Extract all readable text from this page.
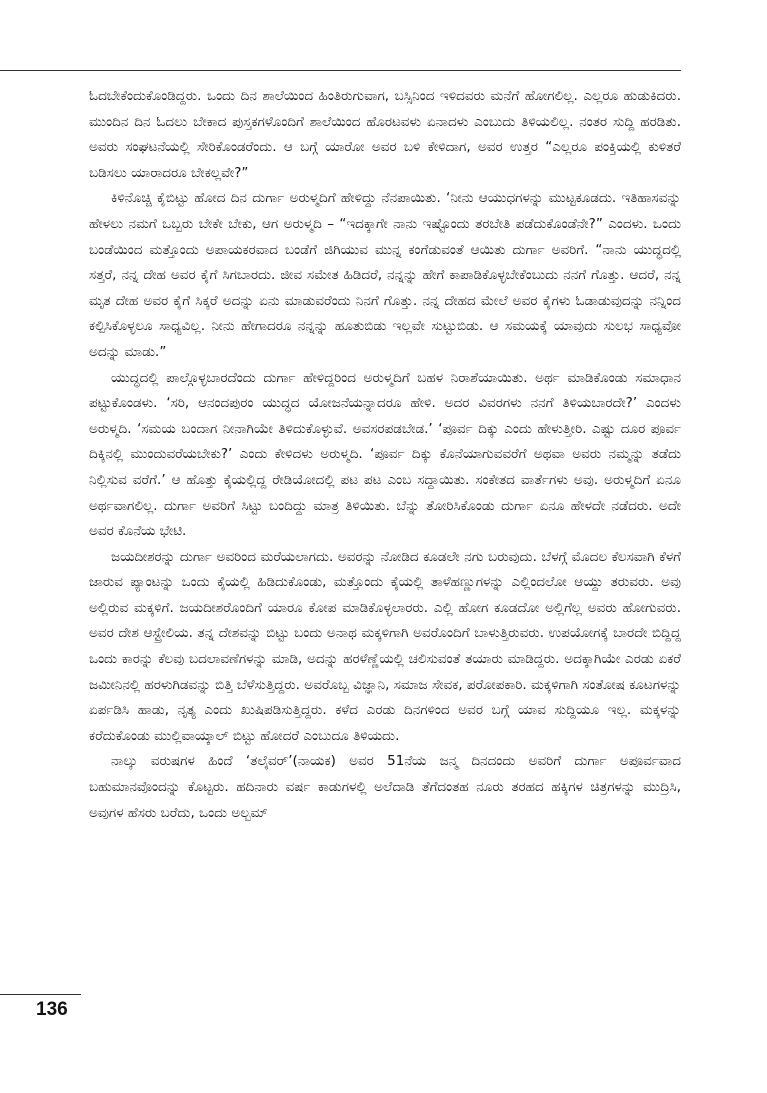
ಓದಬೇಕೆಂದುಕೊಂಡಿದ್ದರು. ಒಂದು ದಿನ ಶಾಲೆಯಿಂದ ಹಿಂತಿರುಗುವಾಗ, ಬಸ್ಸಿನಿಂದ ಇಳಿದವರು ಮನೆಗೆ ಹೋಗಲಿಲ್ಲ. ಎಲ್ಲರೂ ಹುಡುಕಿದರು. ಮುಂದಿನ ದಿನ ಓದಲು ಬೇಕಾದ ಪುಸ್ತಕಗಳೊಂದಿಗೆ ಶಾಲೆಯಿಂದ ಹೊರಟವಳು ಏನಾದಳು ಎಂಬುದು ತಿಳಿಯಲಿಲ್ಲ. ನಂತರ ಸುದ್ದಿ ಹರಡಿತು. ಅವರು ಸಂಘಟನೆಯಲ್ಲಿ ಸೇರಿಕೊಂಡರೆಂದು. ಆ ಬಗ್ಗೆ ಯಾರೋ ಅವರ ಬಳಿ ಕೇಳಿದಾಗ, ಅವರ ಉತ್ತರ “ಎಲ್ಲರೂ ಪಂಕ್ತಿಯಲ್ಲಿ ಕುಳಿತರೆ ಬಡಿಸಲು ಯಾರಾದರೂ ಬೇಕಲ್ಲವೇ?”

ಕಿಳಿನೊಚ್ಚಿ ಕೈಬಿಟ್ಟು ಹೋದ ದಿನ ದುರ್ಗಾ ಅರುಳ್ಮದಿಗೆ ಹೇಳಿದ್ದು ನೆನಪಾಯಿತು. ‘ನೀನು ಆಯುಧಗಳನ್ನು ಮುಟ್ಟಕೂಡದು. ಇತಿಹಾಸವನ್ನು ಹೇಳಲು ನಮಗೆ ಒಬ್ಬರು ಬೇಕೇ ಬೇಕು, ಆಗ ಅರುಳ್ಮದಿ – “ಇದಕ್ಕಾಗೇ ನಾನು ಇಷ್ಟೊಂದು ತರಬೇತಿ ಪಡೆದುಕೊಂಡೆನೇ?” ಎಂದಳು. ಒಂದು ಬಂಡೆಯಿಂದ ಮತ್ತೊಂದು ಅಪಾಯಕರವಾದ ಬಂಡೆಗೆ ಜಿಗಿಯುವ ಮುನ್ನ ಕಂಗೆಡುವಂತೆ ಆಯಿತು ದುರ್ಗಾ ಅವರಿಗೆ. “ನಾನು ಯುದ್ಧದಲ್ಲಿ ಸತ್ತರೆ, ನನ್ನ ದೇಹ ಅವರ ಕೈಗೆ ಸಿಗಬಾರದು. ಜೀವ ಸಮೇತ ಹಿಡಿದರೆ, ನನ್ನನ್ನು ಹೇಗೆ ಕಾಪಾಡಿಕೊಳ್ಳಬೇಕೆಂಬುದು ನನಗೆ ಗೊತ್ತು. ಆದರೆ, ನನ್ನ ಮೃತ ದೇಹ ಅವರ ಕೈಗೆ ಸಿಕ್ಕರೆ ಅದನ್ನು ಏನು ಮಾಡುವರೆಂದು ನಿನಗೆ ಗೊತ್ತು. ನನ್ನ ದೇಹದ ಮೇಲೆ ಅವರ ಕೈಗಳು ಓಡಾಡುವುದನ್ನು ನನ್ನಿಂದ ಕಲ್ಪಿಸಿಕೊಳ್ಳಲೂ ಸಾಧ್ಯವಿಲ್ಲ. ನೀನು ಹೇಗಾದರೂ ನನ್ನನ್ನು ಹೂತುಬಿಡು ಇಲ್ಲವೇ ಸುಟ್ಟುಬಿಡು. ಆ ಸಮಯಕ್ಕೆ ಯಾವುದು ಸುಲಭ ಸಾಧ್ಯವೋ ಅದನ್ನು ಮಾಡು.”

ಯುದ್ಧದಲ್ಲಿ ಪಾಲ್ಗೊಳ್ಳಬಾರದೆಂದು ದುರ್ಗಾ ಹೇಳಿದ್ದರಿಂದ ಅರುಳ್ಮದಿಗೆ ಬಹಳ ನಿರಾಶೆಯಾಯಿತು. ಅರ್ಥ ಮಾಡಿಕೊಂಡು ಸಮಾಧಾನ ಪಟ್ಟುಕೊಂಡಳು. ‘ಸರಿ, ಆನಂದಪುರಂ ಯುದ್ಧದ ಯೋಜನೆಯನ್ನಾದರೂ ಹೇಳಿ. ಅದರ ವಿವರಗಳು ನನಗೆ ತಿಳಿಯಬಾರದೇ?’ ಎಂದಳು ಅರುಳ್ಮದಿ. ‘ಸಮಯ ಬಂದಾಗ ನೀನಾಗಿಯೇ ತಿಳಿದುಕೊಳ್ಳುವೆ. ಅವಸರಪಡಬೇಡ.’ ‘ಪೂರ್ವ ದಿಕ್ಕು ಎಂದು ಹೇಳುತ್ತೀರಿ. ಎಷ್ಟು ದೂರ ಪೂರ್ವ ದಿಕ್ಕಿನಲ್ಲಿ ಮುಂದುವರೆಯಬೇಕು?’ ಎಂದು ಕೇಳಿದಳು ಅರುಳ್ಮದಿ. ‘ಪೂರ್ವ ದಿಕ್ಕು ಕೊನೆಯಾಗುವವರೆಗೆ ಅಥವಾ ಅವರು ನಮ್ಮನ್ನು ತಡೆದು ನಿಲ್ಲಿಸುವ ವರೆಗೆ.’ ಆ ಹೊತ್ತು ಕೈಯಲ್ಲಿದ್ದ ರೇಡಿಯೋದಲ್ಲಿ ಪಟ ಪಟ ಎಂಬ ಸದ್ದಾಯಿತು. ಸಂಕೇತದ ವಾರ್ತೆಗಳು ಅವು. ಅರುಳ್ಮದಿಗೆ ಏನೂ ಅರ್ಥವಾಗಲಿಲ್ಲ. ದುರ್ಗಾ ಅವರಿಗೆ ಸಿಟ್ಟು ಬಂದಿದ್ದು ಮಾತ್ರ ತಿಳಿಯಿತು. ಬೆನ್ನು ತೋರಿಸಿಕೊಂಡು ದುರ್ಗಾ ಏನೂ ಹೇಳದೇ ನಡೆದರು. ಅದೇ ಅವರ ಕೊನೆಯ ಭೇಟಿ.

ಜಯದೀಶರನ್ನು ದುರ್ಗಾ ಅವರಿಂದ ಮರೆಯಲಾಗದು. ಅವರನ್ನು ನೋಡಿದ ಕೂಡಲೇ ನಗು ಬರುವುದು. ಬೆಳಗ್ಗೆ ಮೊದಲ ಕೆಲಸವಾಗಿ ಕೆಳಗೆ ಜಾರುವ ಪ್ಯಾಂಟನ್ನು ಒಂದು ಕೈಯಲ್ಲಿ ಹಿಡಿದುಕೊಂಡು, ಮತ್ತೊಂದು ಕೈಯಲ್ಲಿ ತಾಳೆಹಣ್ಣುಗಳನ್ನು ಎಲ್ಲಿಂದಲೋ ಆಯ್ದು ತರುವರು. ಅವು ಅಲ್ಲಿರುವ ಮಕ್ಕಳಿಗೆ. ಜಯದೀಶರೊಂದಿಗೆ ಯಾರೂ ಕೋಪ ಮಾಡಿಕೊಳ್ಳಲಾರರು. ಎಲ್ಲಿ ಹೋಗ ಕೂಡದೋ ಅಲ್ಲಿಗೆಲ್ಲ ಅವರು ಹೋಗುವರು. ಅವರ ದೇಶ ಆಸ್ಟ್ರೇಲಿಯ. ತನ್ನ ದೇಶವನ್ನು ಬಿಟ್ಟು ಬಂದು ಅನಾಥ ಮಕ್ಕಳಿಗಾಗಿ ಅವರೊಂದಿಗೆ ಬಾಳುತ್ತಿರುವರು. ಉಪಯೋಗಕ್ಕೆ ಬಾರದೇ ಬಿದ್ದಿದ್ದ ಒಂದು ಕಾರನ್ನು ಕೆಲವು ಬದಲಾವಣೆಗಳನ್ನು ಮಾಡಿ, ಅದನ್ನು ಹರಳೆಣ್ಣೆಯಲ್ಲಿ ಚಲಿಸುವಂತೆ ತಯಾರು ಮಾಡಿದ್ದರು. ಅದಕ್ಕಾಗಿಯೇ ಎರಡು ಏಕರೆ ಜಮೀನಿನಲ್ಲಿ ಹರಳುಗಿಡವನ್ನು ಬಿತ್ತಿ ಬೆಳೆಸುತ್ತಿದ್ದರು. ಅವರೊಬ್ಬ ವಿಜ್ಞಾನಿ, ಸಮಾಜ ಸೇವಕ, ಪರೋಪಕಾರಿ. ಮಕ್ಕಳಿಗಾಗಿ ಸಂತೋಷ ಕೂಟಗಳನ್ನು ಏರ್ಪಡಿಸಿ ಹಾಡು, ನೃತ್ಯ ಎಂದು ಖುಷಿಪಡಿಸುತ್ತಿದ್ದರು. ಕಳೆದ ಎರಡು ದಿನಗಳಿಂದ ಅವರ ಬಗ್ಗೆ ಯಾವ ಸುದ್ದಿಯೂ ಇಲ್ಲ. ಮಕ್ಕಳನ್ನು ಕರೆದುಕೊಂಡು ಮುಲ್ಲಿವಾಯ್ಕಾಲ್ ಬಿಟ್ಟು ಹೋದರೆ ಎಂಬುದೂ ತಿಳಿಯದು.

ನಾಲ್ಕು ವರುಷಗಳ ಹಿಂದೆ ‘ತಲೈವರ್’(ನಾಯಕ) ಅವರ 51ನೆಯ ಜನ್ಮ ದಿನದಂದು ಅವರಿಗೆ ದುರ್ಗಾ ಅಪೂರ್ವವಾದ ಬಹುಮಾನವೊಂದನ್ನು ಕೊಟ್ಟರು. ಹದಿನಾರು ವರ್ಷ ಕಾಡುಗಳಲ್ಲಿ ಅಲೆದಾಡಿ ತೆಗೆದಂತಹ ನೂರು ತರಹದ ಹಕ್ಕಿಗಳ ಚಿತ್ರಗಳನ್ನು ಮುದ್ರಿಸಿ, ಅವುಗಳ ಹೆಸರು ಬರೆದು, ಒಂದು ಅಲ್ಬಮ್

136
